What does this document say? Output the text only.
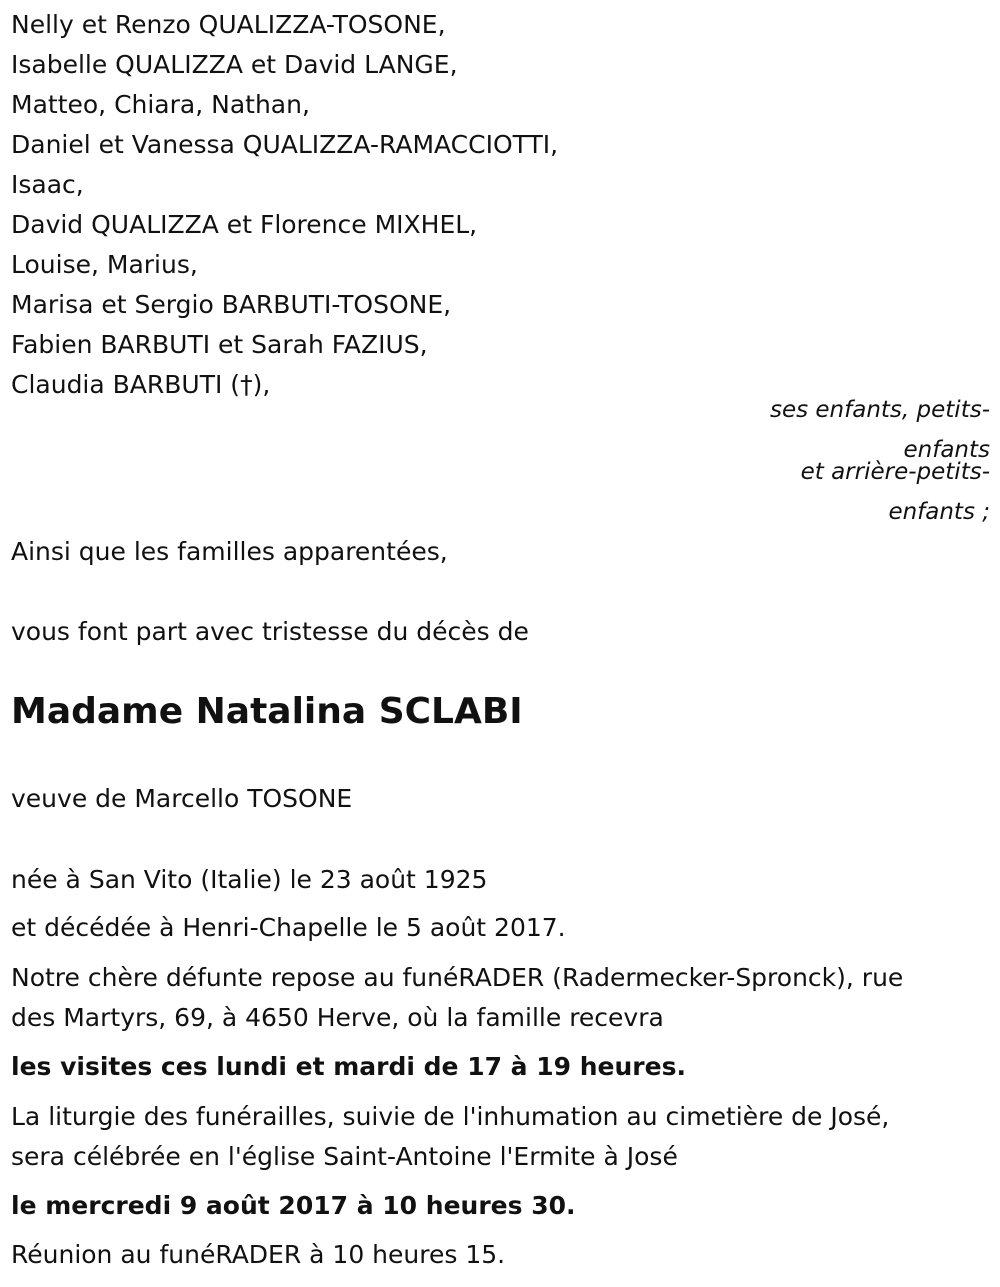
Nelly et Renzo QUALIZZA-TOSONE,
Isabelle QUALIZZA et David LANGE,
Matteo, Chiara, Nathan,
Daniel et Vanessa QUALIZZA-RAMACCIOTTI,
Isaac,
David QUALIZZA et Florence MIXHEL,
Louise, Marius,
Marisa et Sergio BARBUTI-TOSONE,
Fabien BARBUTI et Sarah FAZIUS,
Claudia BARBUTI (†),
ses enfants, petits-
enfants
et arrière-petits-
enfants ;
Ainsi que les familles apparentées,
vous font part avec tristesse du décès de
Madame Natalina SCLABI
veuve de Marcello TOSONE
née à San Vito (Italie) le 23 août 1925
et décédée à Henri-Chapelle le 5 août 2017.
Notre chère défunte repose au funéRADER (Radermecker-Spronck), rue
des Martyrs, 69, à 4650 Herve, où la famille recevra
les visites ces lundi et mardi de 17 à 19 heures.
La liturgie des funérailles, suivie de l'inhumation au cimetière de José,
sera célébrée en l'église Saint-Antoine l'Ermite à José
le mercredi 9 août 2017 à 10 heures 30.
Réunion au funéRADER à 10 heures 15.
